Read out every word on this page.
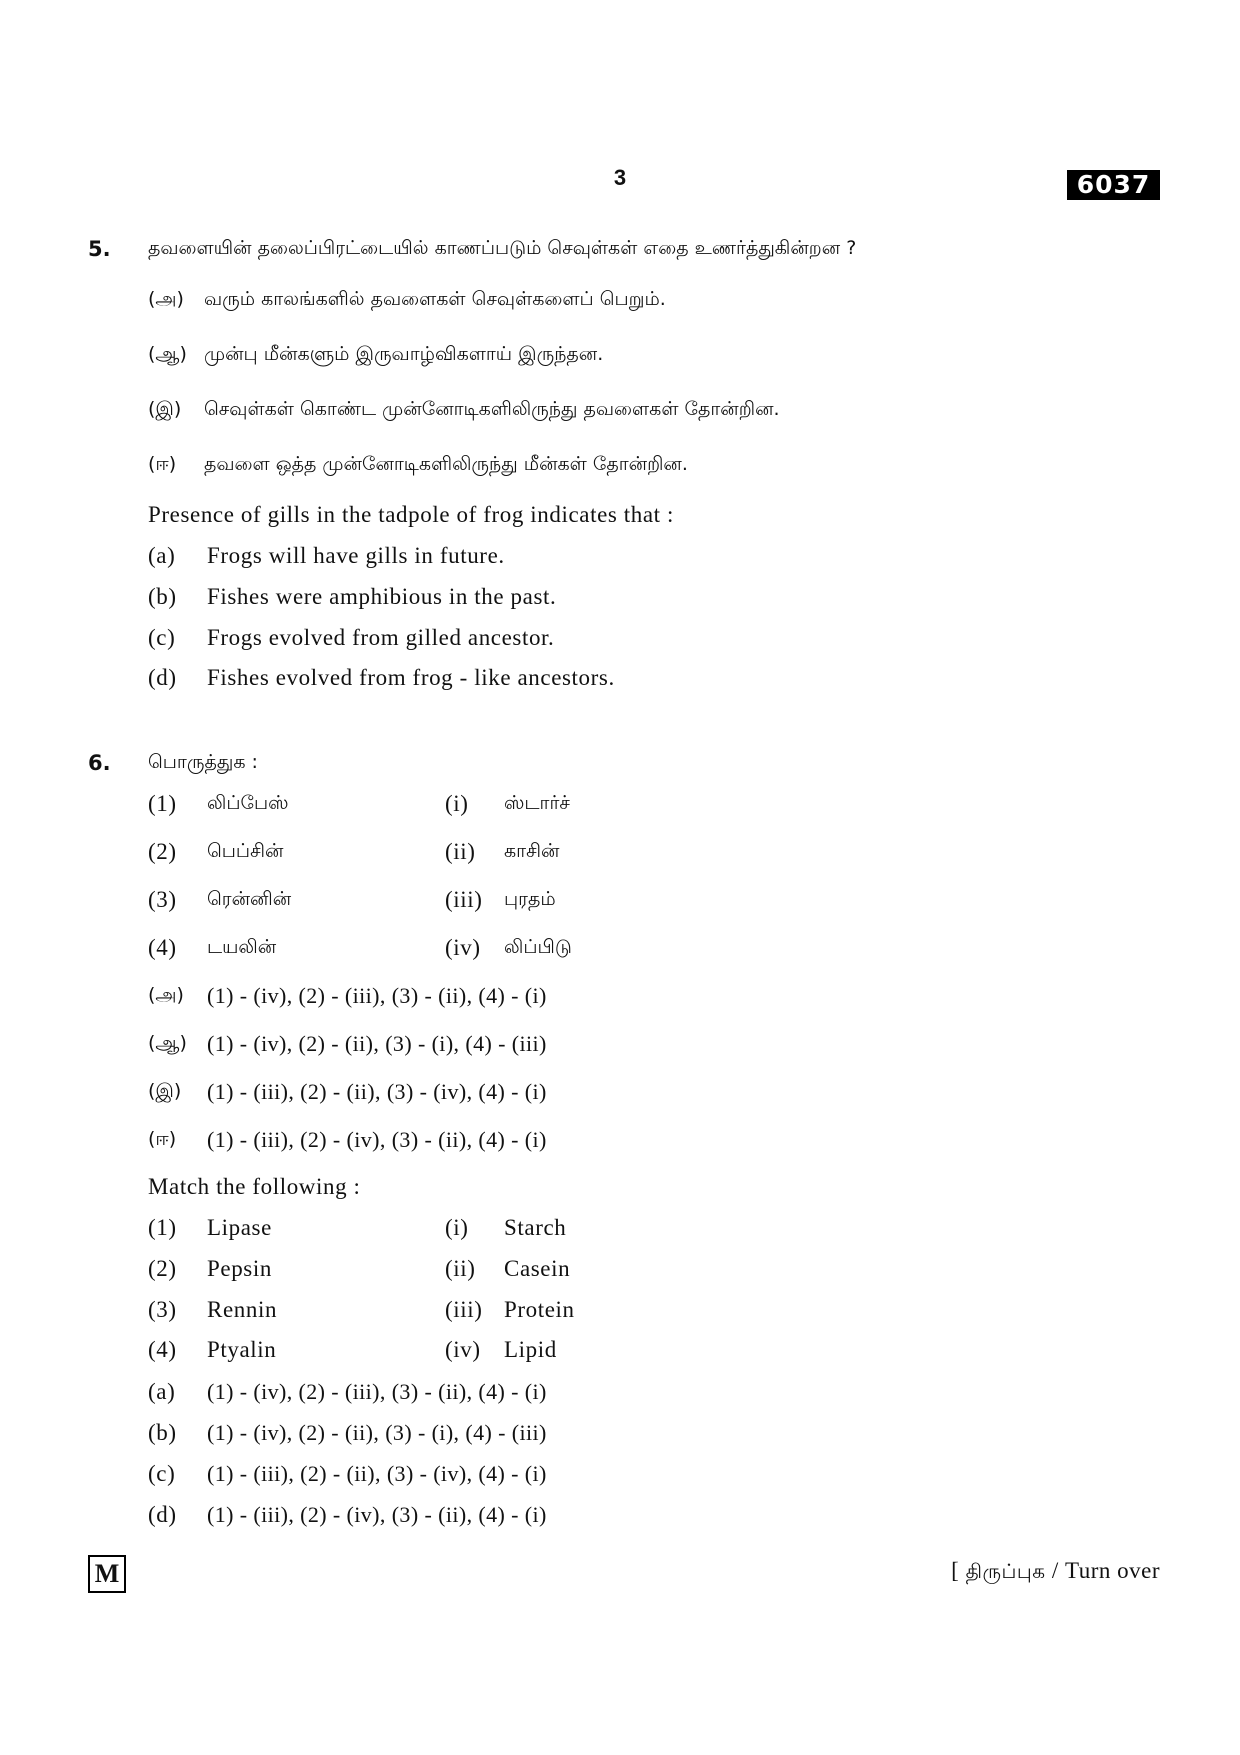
3	6037
5. தவளையின் தலைப்பிரட்டையில் காணப்படும் செவுள்கள் எதை உணர்த்துகின்றன ?
(அ) வரும் காலங்களில் தவளைகள் செவுள்களைப் பெறும்.
(ஆ) முன்பு மீன்களும் இருவாழ்விகளாய் இருந்தன.
(இ) செவுள்கள் கொண்ட முன்னோடிகளிலிருந்து தவளைகள் தோன்றின.
(ஈ) தவளை ஒத்த முன்னோடிகளிலிருந்து மீன்கள் தோன்றின.
Presence of gills in the tadpole of frog indicates that :
(a) Frogs will have gills in future.
(b) Fishes were amphibious in the past.
(c) Frogs evolved from gilled ancestor.
(d) Fishes evolved from frog - like ancestors.
6. பொருத்துக :
(1) லிப்பேஸ்	(i) ஸ்டார்ச்
(2) பெப்சின்	(ii) காசின்
(3) ரென்னின்	(iii) புரதம்
(4) டயலின்	(iv) லிப்பிடு
(அ) (1) - (iv), (2) - (iii), (3) - (ii), (4) - (i)
(ஆ) (1) - (iv), (2) - (ii), (3) - (i), (4) - (iii)
(இ) (1) - (iii), (2) - (ii), (3) - (iv), (4) - (i)
(ஈ) (1) - (iii), (2) - (iv), (3) - (ii), (4) - (i)
Match the following :
(1) Lipase	(i) Starch
(2) Pepsin	(ii) Casein
(3) Rennin	(iii) Protein
(4) Ptyalin	(iv) Lipid
(a) (1) - (iv), (2) - (iii), (3) - (ii), (4) - (i)
(b) (1) - (iv), (2) - (ii), (3) - (i), (4) - (iii)
(c) (1) - (iii), (2) - (ii), (3) - (iv), (4) - (i)
(d) (1) - (iii), (2) - (iv), (3) - (ii), (4) - (i)
M	[ திருப்புக / Turn over
